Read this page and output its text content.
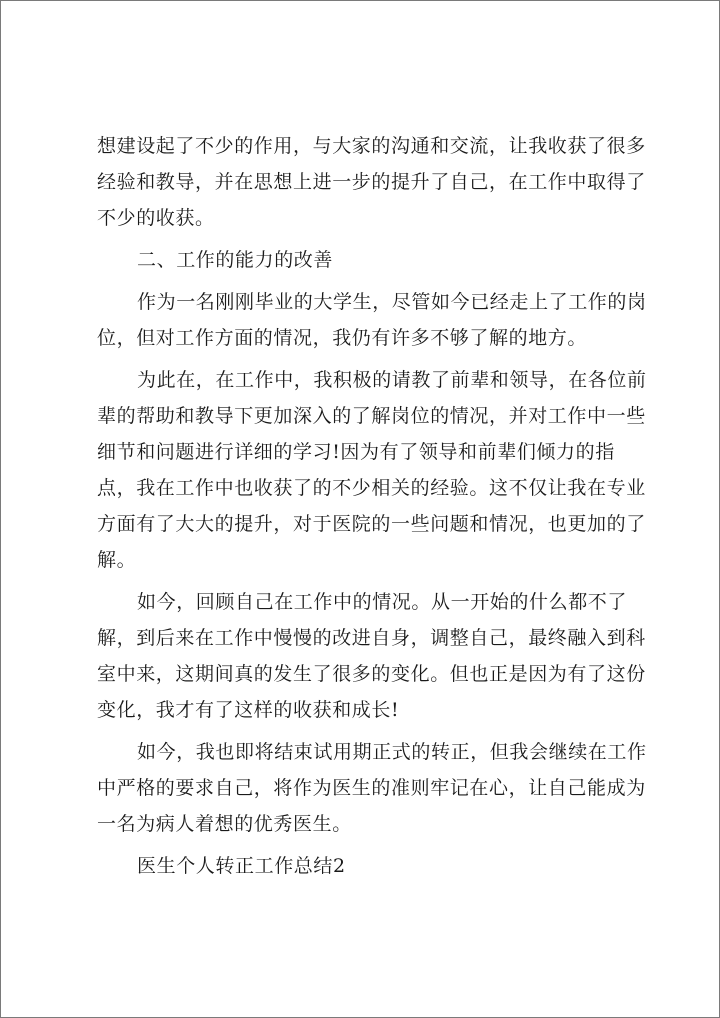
想建设起了不少的作用，与大家的沟通和交流，让我收获了很多

经验和教导，并在思想上进一步的提升了自己，在工作中取得了

不少的收获。

二、工作的能力的改善

作为一名刚刚毕业的大学生，尽管如今已经走上了工作的岗

位，但对工作方面的情况，我仍有许多不够了解的地方。

为此在，在工作中，我积极的请教了前辈和领导，在各位前

辈的帮助和教导下更加深入的了解岗位的情况，并对工作中一些

细节和问题进行详细的学习!因为有了领导和前辈们倾力的指

点，我在工作中也收获了的不少相关的经验。这不仅让我在专业

方面有了大大的提升，对于医院的一些问题和情况，也更加的了

解。

如今，回顾自己在工作中的情况。从一开始的什么都不了

解，到后来在工作中慢慢的改进自身，调整自己，最终融入到科

室中来，这期间真的发生了很多的变化。但也正是因为有了这份

变化，我才有了这样的收获和成长!

如今，我也即将结束试用期正式的转正，但我会继续在工作

中严格的要求自己，将作为医生的准则牢记在心，让自己能成为

一名为病人着想的优秀医生。

医生个人转正工作总结2
